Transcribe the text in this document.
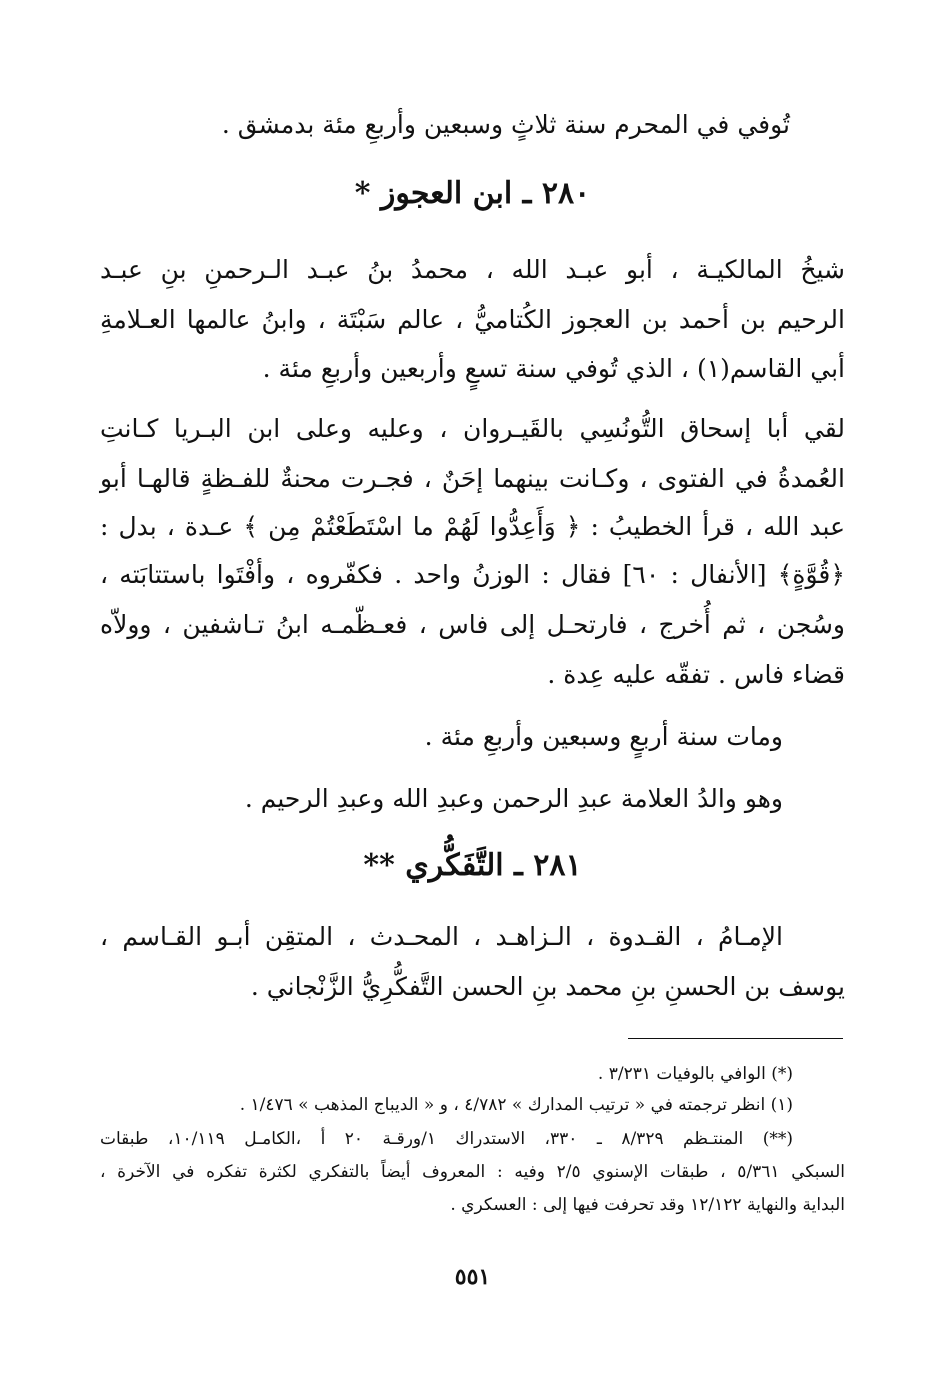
تُوفي في المحرم سنة ثلاثٍ وسبعين وأربعِ مئة بدمشق .
٢٨٠ ـ ابن العجوز *
شيخُ المالكيـة ، أبو عبـد الله ، محمدُ بنُ عبـد الـرحمنِ بنِ عبـد
الرحيم بن أحمد بن العجوز الكُتاميُّ ، عالم سَبْتَة ، وابنُ عالمها العـلامةِ
أبي القاسم(١) ، الذي تُوفي سنة تسعٍ وأربعين وأربعِ مئة .
لقي أبا إسحاق التُّونُسِي بالقَيـروان ، وعليه وعلى ابن البـريا كـانتِ
العُمدةُ في الفتوى ، وكـانت بينهما إحَنٌ ، فجـرت محنةٌ للفـظةٍ قالهـا أبو
عبد الله ، قرأ الخطيبُ : ﴿ وَأَعِدُّوا لَهُمْ ما اسْتَطَعْتُمْ مِن ﴾ عـدة ، بدل :
﴿قُوَّةٍ﴾ [الأنفال : ٦٠] فقال : الوزنُ واحد . فكفّروه ، وأفْتَوا باستتابَته ،
وسُجن ، ثم أُخرج ، فارتحـل إلى فاس ، فعـظّمـه ابنُ تـاشفين ، وولاّه
قضاء فاس . تفقّه عليه عِدة .
ومات سنة أربعٍ وسبعين وأربعِ مئة .
وهو والدُ العلامة عبدِ الرحمن وعبدِ الله وعبدِ الرحيم .
٢٨١ ـ التَّفَكُّري **
الإمـامُ ، القـدوة ، الـزاهـد ، المحـدث ، المتقِن أبـو القـاسم ،
يوسف بن الحسنِ بنِ محمد بنِ الحسن التَّفكُّرِيُّ الزَّنْجاني .
(*) الوافي بالوفيات ٣/٢٣١ .
(١) انظر ترجمته في « ترتيب المدارك » ٤/٧٨٢ ، و « الديباج المذهب » ١/٤٧٦ .
(**) المنتـظم ٨/٣٢٩ ـ ٣٣٠، الاستدراك ١/ورقـة ٢٠ أ ،الكامـل ١٠/١١٩، طبقات
السبكي ٥/٣٦١ ، طبقات الإسنوي ٢/٥ وفيه : المعروف أيضاً بالتفكري لكثرة تفكره في الآخرة ،
البداية والنهاية ١٢/١٢٢ وقد تحرفت فيها إلى : العسكري .
٥٥١
